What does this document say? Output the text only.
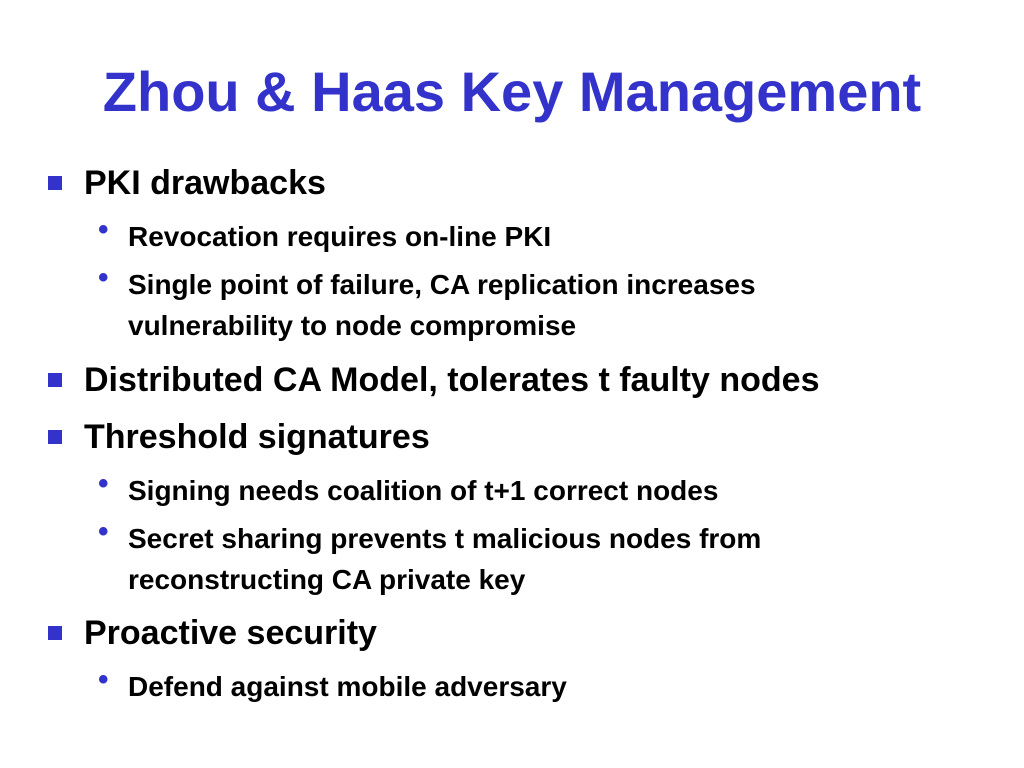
Zhou & Haas Key Management
PKI drawbacks
• Revocation requires on-line PKI
• Single point of failure, CA replication increases
vulnerability to node compromise
Distributed CA Model, tolerates t faulty nodes
Threshold signatures
• Signing needs coalition of t+1 correct nodes
• Secret sharing prevents t malicious nodes from
reconstructing CA private key
Proactive security
• Defend against mobile adversary
